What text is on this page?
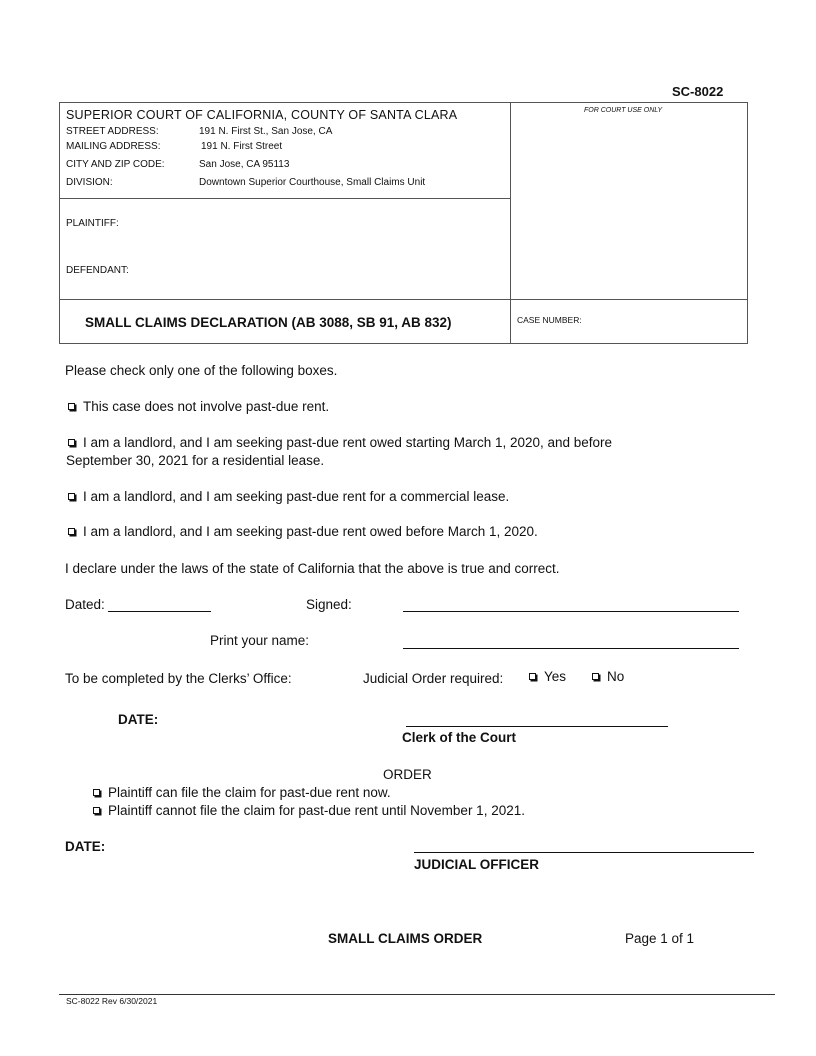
SC-8022
SUPERIOR COURT OF CALIFORNIA, COUNTY OF SANTA CLARA
STREET ADDRESS:	191 N. First St., San Jose, CA
MAILING ADDRESS:	191 N. First Street
CITY AND ZIP CODE:	San Jose, CA 95113
DIVISION:	Downtown Superior Courthouse, Small Claims Unit
FOR COURT USE ONLY
PLAINTIFF:
DEFENDANT:
SMALL CLAIMS DECLARATION (AB 3088, SB 91, AB 832)	CASE NUMBER:
Please check only one of the following boxes.
This case does not involve past-due rent.
I am a landlord, and I am seeking past-due rent owed starting March 1, 2020, and before
September 30, 2021 for a residential lease.
I am a landlord, and I am seeking past-due rent for a commercial lease.
I am a landlord, and I am seeking past-due rent owed before March 1, 2020.
I declare under the laws of the state of California that the above is true and correct.
Dated:	Signed:
Print your name:
To be completed by the Clerks’ Office:	Judicial Order required:	Yes	No
DATE:
Clerk of the Court
ORDER
Plaintiff can file the claim for past-due rent now.
Plaintiff cannot file the claim for past-due rent until November 1, 2021.
DATE:
JUDICIAL OFFICER
SMALL CLAIMS ORDER	Page 1 of 1
SC-8022 Rev 6/30/2021
